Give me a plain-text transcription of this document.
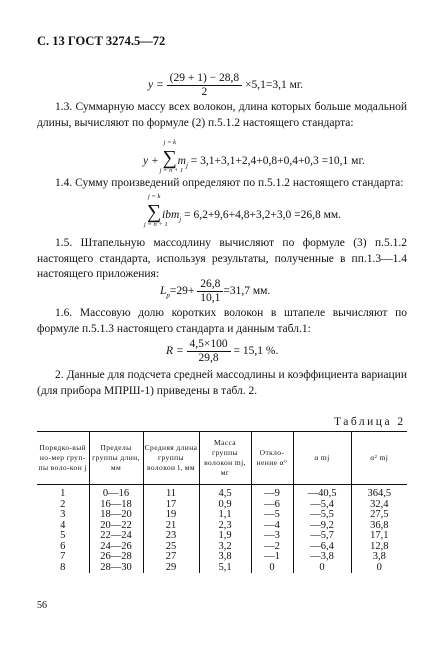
С. 13 ГОСТ 3274.5—72
$y = \frac{(29 + 1) - 28,8}{2} \times 5,1=3,1$ мг.

1.3. Суммарную массу всех волокон, длина которых больше модальной длины, вычисляют по формуле (2) п.5.1.2 настоящего стандарта:

y +
j = k
∑
j = n + 1
$m_j = 3,1+3,1+2,4+0,8+0,4+0,3 =10,1$ мг.

1.4. Сумму произведений определяют по п.5.1.2 настоящего стандарта:

j = k
∑
j = n + 1
ibm$_j$ = 6,2+9,6+4,8+3,2+3,0 =26,8 мм.

1.5. Штапельную массодлину вычисляют по формуле (3) п.5.1.2 настоящего стандарта, используя результаты, полученные в пп.1.3—1.4 настоящего приложения:

$L_p=29+ \frac{26,8}{10,1} =31,7$ мм.

1.6. Массовую долю коротких волокон в штапеле вычисляют по формуле п.5.1.3 настоящего стандарта и данным табл.1:

$R = \frac{4,5\times 100}{29,8} = 15,1$ %.

2. Данные для подсчета средней массодлины и коэффициента вариации (для прибора МПРШ-1) приведены в табл. 2.

Таблица 2
Порядко-вый но-мер груп-пы воло-кон j	Пределы группы длин, мм	Средняя длина группы волокон l, мм	Масса группы волокон mj, мг	Откло-нение α°	α mj	α² mj
1	0—16	11	4,5	—9	—40,5	364,5
2	16—18	17	0,9	—6	—5,4	32,4
3	18—20	19	1,1	—5	—5,5	27,5
4	20—22	21	2,3	—4	—9,2	36,8
5	22—24	23	1,9	—3	—5,7	17,1
6	24—26	25	3,2	—2	—6,4	12,8
7	26—28	27	3,8	—1	—3,8	3,8
8	28—30	29	5,1	0	0	0
56
